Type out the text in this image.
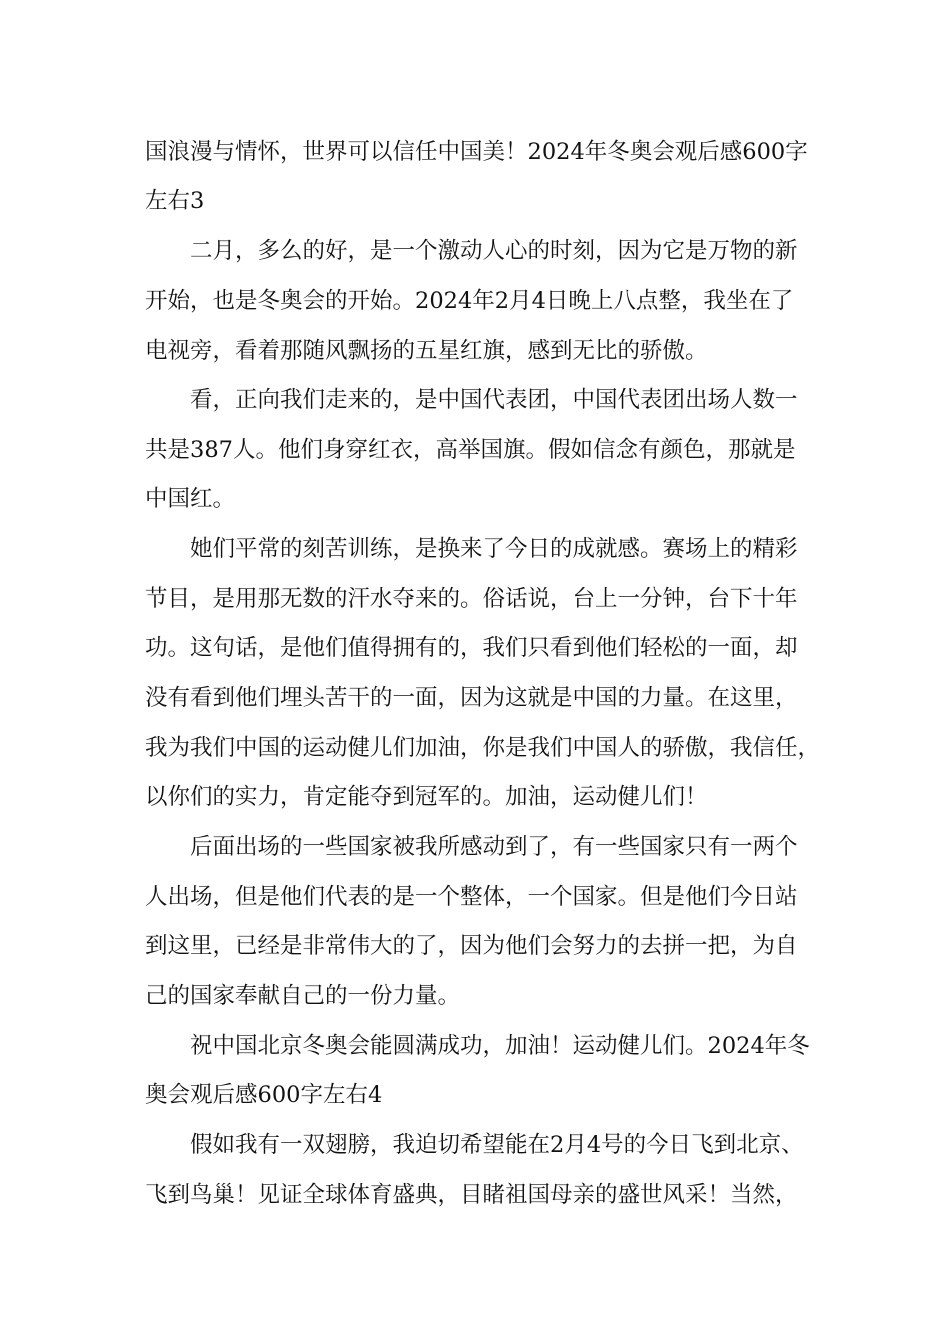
国浪漫与情怀，世界可以信任中国美！2024年冬奥会观后感600字
左右3
二月，多么的好，是一个激动人心的时刻，因为它是万物的新
开始，也是冬奥会的开始。2024年2月4日晚上八点整，我坐在了
电视旁，看着那随风飘扬的五星红旗，感到无比的骄傲。
看，正向我们走来的，是中国代表团，中国代表团出场人数一
共是387人。他们身穿红衣，高举国旗。假如信念有颜色，那就是
中国红。
她们平常的刻苦训练，是换来了今日的成就感。赛场上的精彩
节目，是用那无数的汗水夺来的。俗话说，台上一分钟，台下十年
功。这句话，是他们值得拥有的，我们只看到他们轻松的一面，却
没有看到他们埋头苦干的一面，因为这就是中国的力量。在这里，
我为我们中国的运动健儿们加油，你是我们中国人的骄傲，我信任，
以你们的实力，肯定能夺到冠军的。加油，运动健儿们！
后面出场的一些国家被我所感动到了，有一些国家只有一两个
人出场，但是他们代表的是一个整体，一个国家。但是他们今日站
到这里，已经是非常伟大的了，因为他们会努力的去拼一把，为自
己的国家奉献自己的一份力量。
祝中国北京冬奥会能圆满成功，加油！运动健儿们。2024年冬
奥会观后感600字左右4
假如我有一双翅膀，我迫切希望能在2月4号的今日飞到北京、
飞到鸟巢！见证全球体育盛典，目睹祖国母亲的盛世风采！当然，
